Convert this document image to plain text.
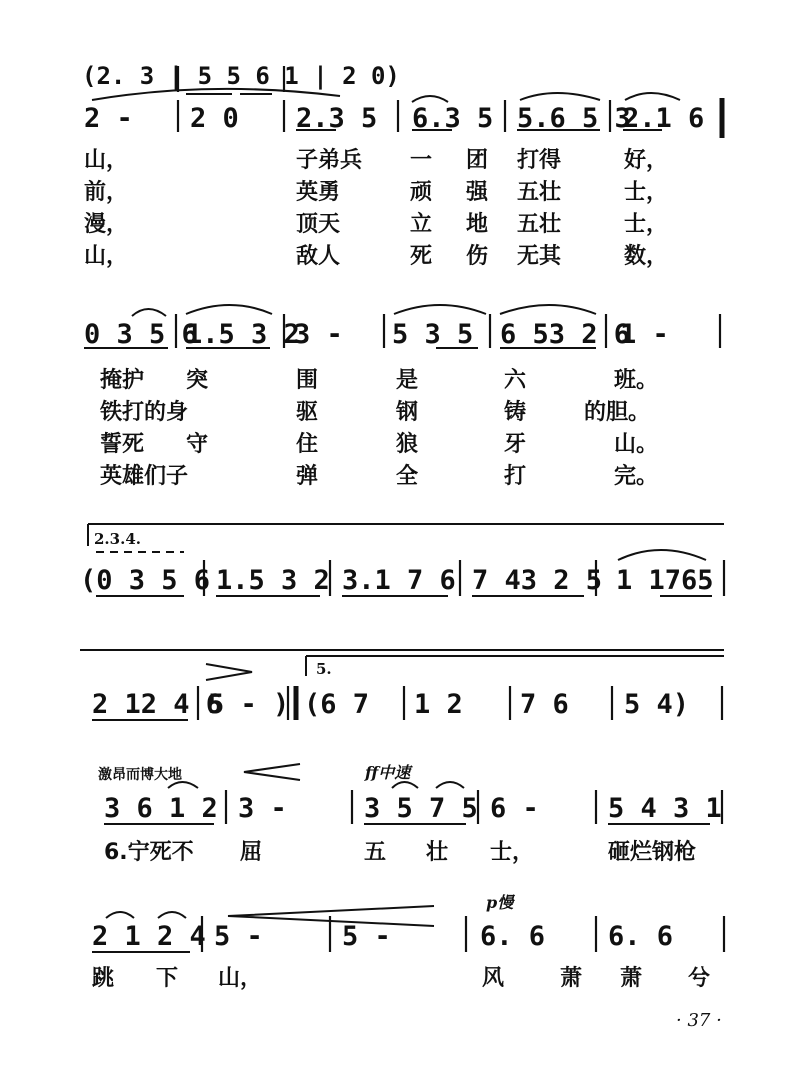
(2. 3 | 5 5 6 1 | 2 0)
2 - 2 0 2.3 5 6.3 5 5.6 5 3
2.1 6
山，	子弟兵 一 团 打得	好，
前，	英勇	顽 强 五壮	士，
漫，	顶天	立 地 五壮	士，
山，	敌人	死 伤 无其	数，
0 3 5 6
1.5 3 2
3 - 5 3 5 6 53 2 6
1 -
掩护 突	围	是	六	班。
铁打的身	驱	钢	铸	的胆。
誓死 守	住	狼	牙	山。
英雄们子	弹	全	打	完。
2.3.4.
(0 3 5 6 1.5 3 2 3.1 7 6 7 43 2 5 1 1765
5.
2 12 4 6
5 - ) (6 7 1 2 7 6 5 4)
激昂而博大地	ff中速
3 6 1 2 3 -	3 5 7 5 6 -	5 4 3 1
6.宁死不 屈	五 壮 士，	砸烂钢枪
p慢
2 1 2 4 5 -	5 -	6. 6 6. 6
跳 下 山，	风	萧 萧 兮
· 37 ·
